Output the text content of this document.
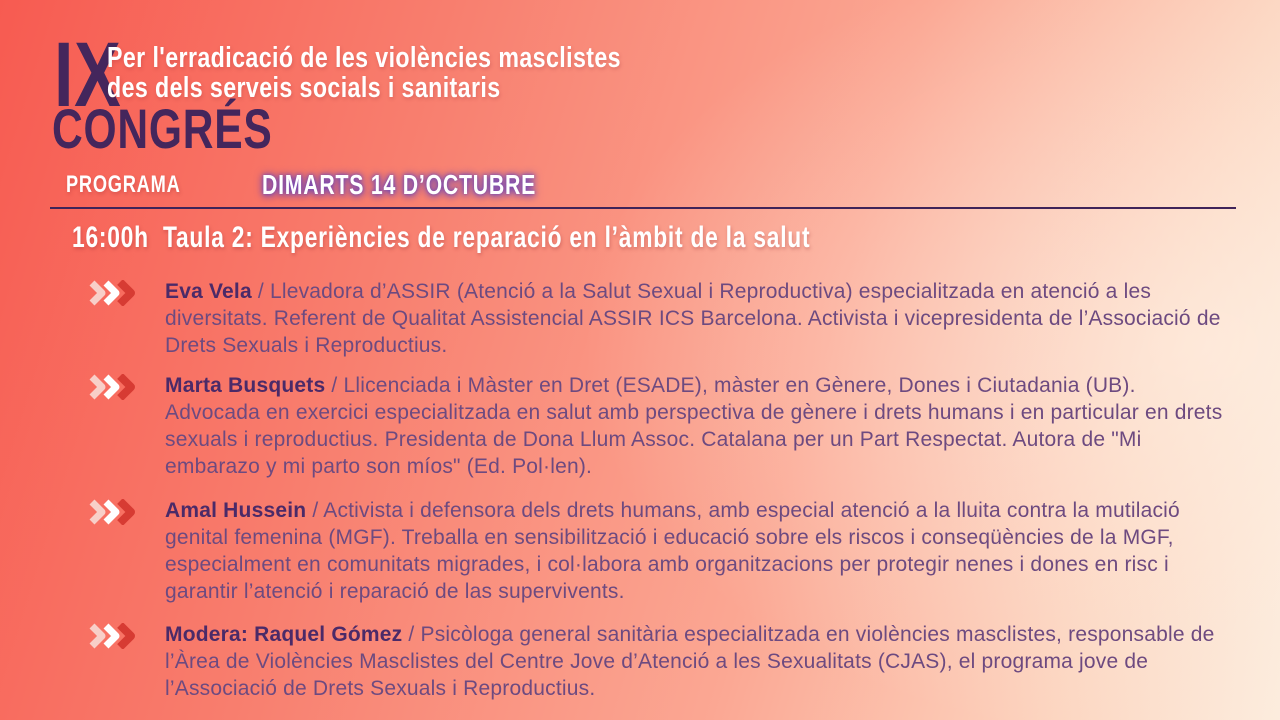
IX
Per l'erradicació de les violències masclistes
des dels serveis socials i sanitaris
CONGRÉS
PROGRAMA	DIMARTS 14 D’OCTUBRE
16:00h Taula 2: Experiències de reparació en l’àmbit de la salut

Eva Vela / Llevadora d’ASSIR (Atenció a la Salut Sexual i Reproductiva) especialitzada en atenció a les diversitats. Referent de Qualitat Assistencial ASSIR ICS Barcelona. Activista i vicepresidenta de l’Associació de Drets Sexuals i Reproductius.

Marta Busquets / Llicenciada i Màster en Dret (ESADE), màster en Gènere, Dones i Ciutadania (UB). Advocada en exercici especialitzada en salut amb perspectiva de gènere i drets humans i en particular en drets sexuals i reproductius. Presidenta de Dona Llum Assoc. Catalana per un Part Respectat. Autora de "Mi embarazo y mi parto son míos" (Ed. Pol·len).

Amal Hussein / Activista i defensora dels drets humans, amb especial atenció a la lluita contra la mutilació genital femenina (MGF). Treballa en sensibilització i educació sobre els riscos i conseqüències de la MGF, especialment en comunitats migrades, i col·labora amb organitzacions per protegir nenes i dones en risc i garantir l’atenció i reparació de las supervivents.

Modera: Raquel Gómez / Psicòloga general sanitària especialitzada en violències masclistes, responsable de l’Àrea de Violències Masclistes del Centre Jove d’Atenció a les Sexualitats (CJAS), el programa jove de l’Associació de Drets Sexuals i Reproductius.
